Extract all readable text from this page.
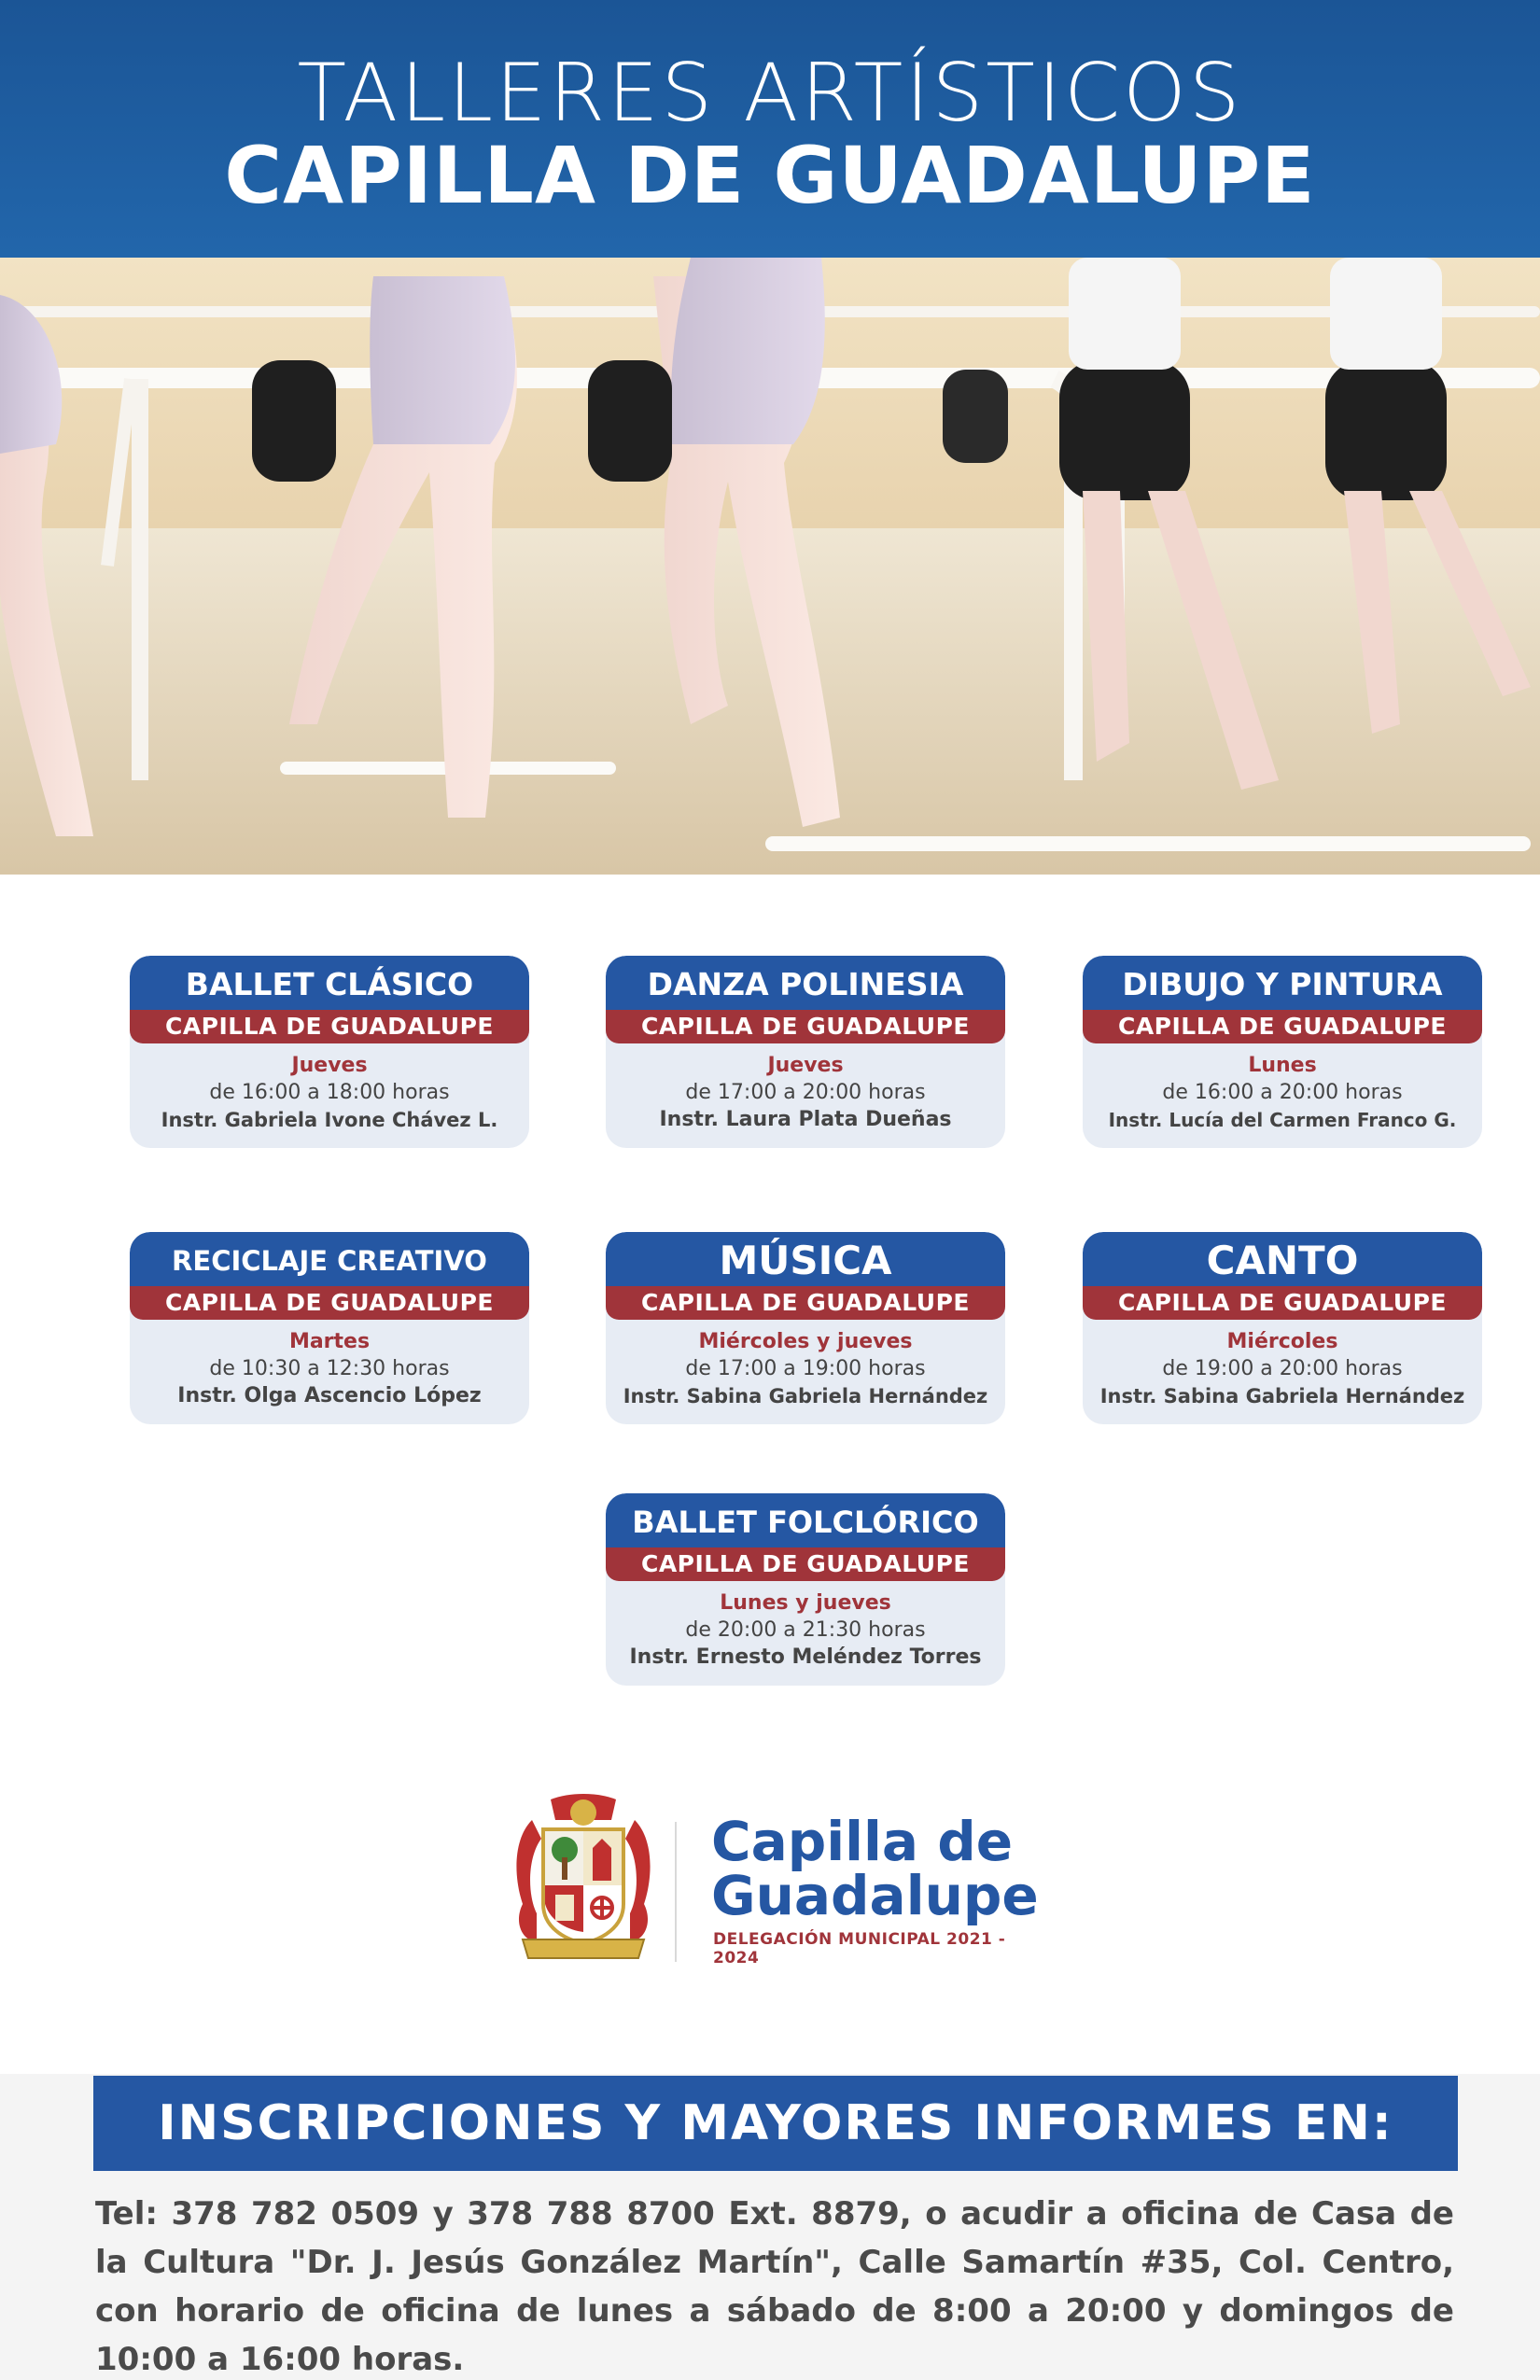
TALLERES ARTÍSTICOS
CAPILLA DE GUADALUPE
BALLET CLÁSICO
CAPILLA DE GUADALUPE
Jueves
de 16:00 a 18:00 horas
Instr. Gabriela Ivone Chávez L.
DANZA POLINESIA
CAPILLA DE GUADALUPE
Jueves
de 17:00 a 20:00 horas
Instr. Laura Plata Dueñas
DIBUJO Y PINTURA
CAPILLA DE GUADALUPE
Lunes
de 16:00 a 20:00 horas
Instr. Lucía del Carmen Franco G.
RECICLAJE CREATIVO
CAPILLA DE GUADALUPE
Martes
de 10:30 a 12:30 horas
Instr. Olga Ascencio López
MÚSICA
CAPILLA DE GUADALUPE
Miércoles y jueves
de 17:00 a 19:00 horas
Instr. Sabina Gabriela Hernández
CANTO
CAPILLA DE GUADALUPE
Miércoles
de 19:00 a 20:00 horas
Instr. Sabina Gabriela Hernández
BALLET FOLCLÓRICO
CAPILLA DE GUADALUPE
Lunes y jueves
de 20:00 a 21:30 horas
Instr. Ernesto Meléndez Torres
Capilla de
Guadalupe
DELEGACIÓN MUNICIPAL 2021 - 2024
INSCRIPCIONES Y MAYORES INFORMES EN:
Tel: 378 782 0509 y 378 788 8700 Ext. 8879, o acudir a oficina de Casa de la Cultura "Dr. J. Jesús González Martín", Calle Samartín #35, Col. Centro, con horario de oficina de lunes a sábado de 8:00 a 20:00 y domingos de 10:00 a 16:00 horas.
